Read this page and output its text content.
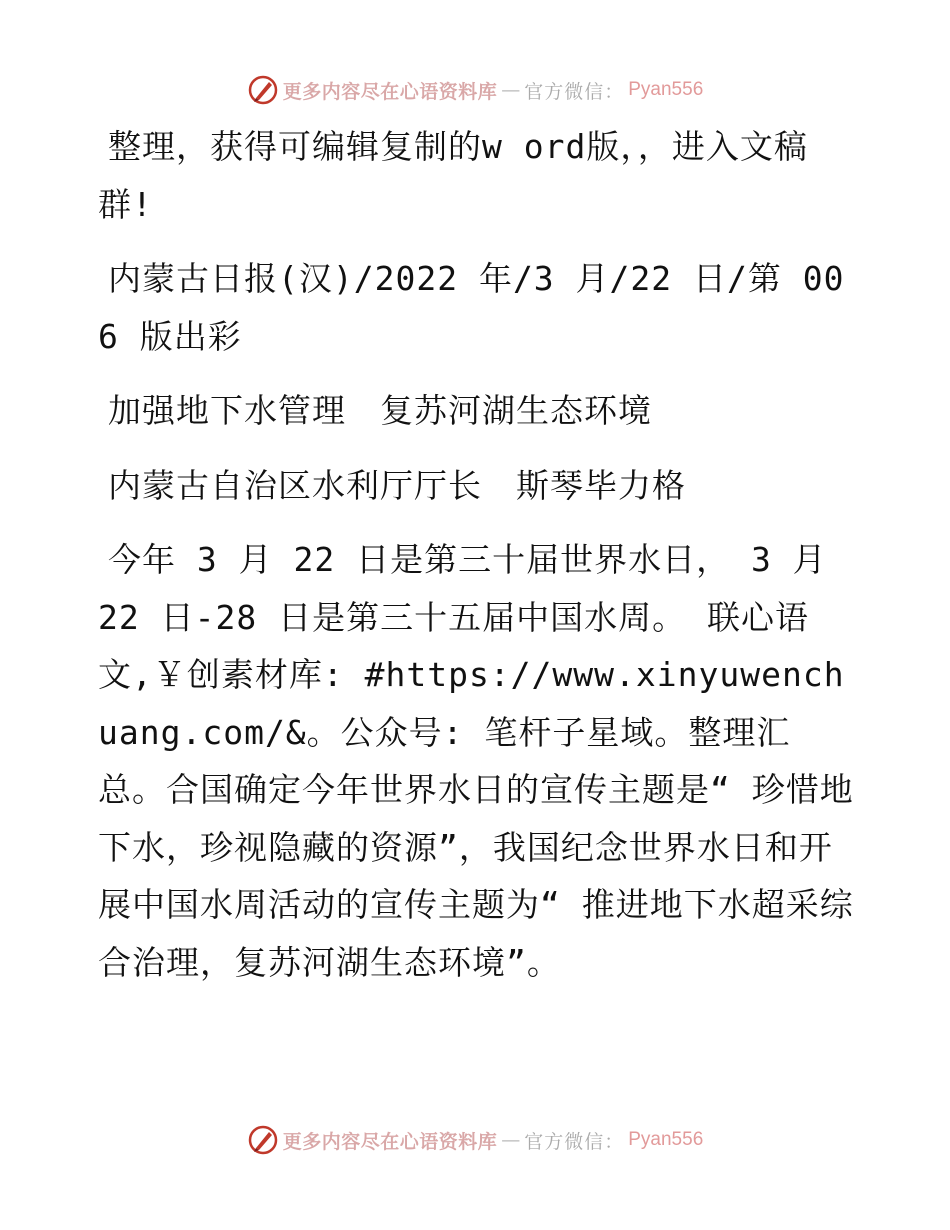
更多内容尽在心语资料库 — 官方微信： Pyan556

整理，获得可编辑复制的w ord版，，进入文稿群!

内蒙古日报(汉)/2022 年/3 月/22 日/第 006 版出彩

加强地下水管理　复苏河湖生态环境

内蒙古自治区水利厅厅长　斯琴毕力格

今年 3 月 22 日是第三十届世界水日， 3 月 22 日-28 日是第三十五届中国水周。 联心语文,￥创素材库: #https://www.xinyuwenchuang.com/&。公众号: 笔杆子星域。整理汇总。合国确定今年世界水日的宣传主题是“ 珍惜地下水，珍视隐藏的资源”，我国纪念世界水日和开展中国水周活动的宣传主题为“ 推进地下水超采综合治理，复苏河湖生态环境”。

更多内容尽在心语资料库 — 官方微信： Pyan556
